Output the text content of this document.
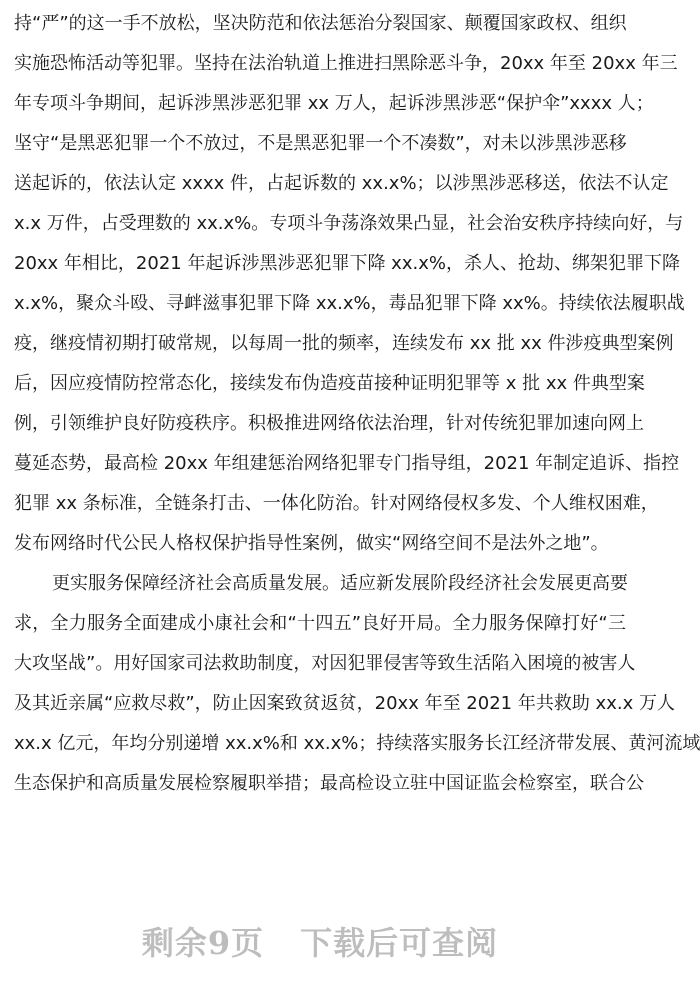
持“严”的这一手不放松，坚决防范和依法惩治分裂国家、颠覆国家政权、组织
实施恐怖活动等犯罪。坚持在法治轨道上推进扫黑除恶斗争，20xx 年至 20xx 年三
年专项斗争期间，起诉涉黑涉恶犯罪 xx 万人，起诉涉黑涉恶“保护伞”xxxx 人；
坚守“是黑恶犯罪一个不放过，不是黑恶犯罪一个不凑数”，对未以涉黑涉恶移
送起诉的，依法认定 xxxx 件，占起诉数的 xx.x%；以涉黑涉恶移送，依法不认定
x.x 万件，占受理数的 xx.x%。专项斗争荡涤效果凸显，社会治安秩序持续向好，与
20xx 年相比，2021 年起诉涉黑涉恶犯罪下降 xx.x%，杀人、抢劫、绑架犯罪下降
x.x%，聚众斗殴、寻衅滋事犯罪下降 xx.x%，毒品犯罪下降 xx%。持续依法履职战
疫，继疫情初期打破常规，以每周一批的频率，连续发布 xx 批 xx 件涉疫典型案例
后，因应疫情防控常态化，接续发布伪造疫苗接种证明犯罪等 x 批 xx 件典型案
例，引领维护良好防疫秩序。积极推进网络依法治理，针对传统犯罪加速向网上
蔓延态势，最高检 20xx 年组建惩治网络犯罪专门指导组，2021 年制定追诉、指控
犯罪 xx 条标准，全链条打击、一体化防治。针对网络侵权多发、个人维权困难，
发布网络时代公民人格权保护指导性案例，做实“网络空间不是法外之地”。
更实服务保障经济社会高质量发展。适应新发展阶段经济社会发展更高要
求，全力服务全面建成小康社会和“十四五”良好开局。全力服务保障打好“三
大攻坚战”。用好国家司法救助制度，对因犯罪侵害等致生活陷入困境的被害人
及其近亲属“应救尽救”，防止因案致贫返贫，20xx 年至 2021 年共救助 xx.x 万人
xx.x 亿元，年均分别递增 xx.x%和 xx.x%；持续落实服务长江经济带发展、黄河流域
生态保护和高质量发展检察履职举措；最高检设立驻中国证监会检察室，联合公
剩余9页 下载后可查阅
